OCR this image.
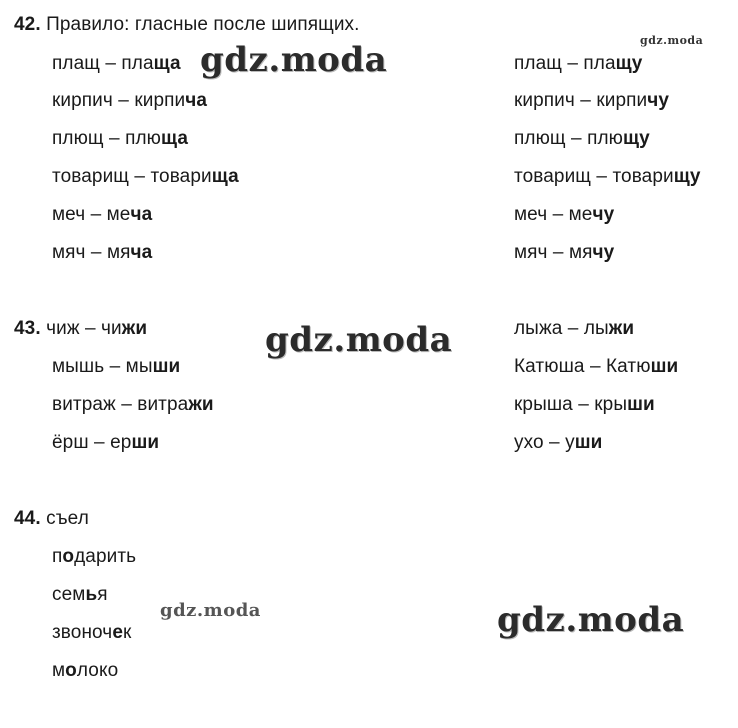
gdz.moda
gdz.moda
gdz.moda
gdz.moda	gdz.moda
42. Правило: гласные после шипящих.
плащ – плаща
кирпич – кирпича
плющ – плюща
товарищ – товарища
меч – меча
мяч – мяча
плащ – плащу
кирпич – кирпичу
плющ – плющу
товарищ – товарищу
меч – мечу
мяч – мячу
43. чиж – чижи
мышь – мыши
витраж – витражи
ёрш – ерши
лыжа – лыжи
Катюша – Катюши
крыша – крыши
ухо – уши
44. съел
подарить
семья
звоночек
молоко
